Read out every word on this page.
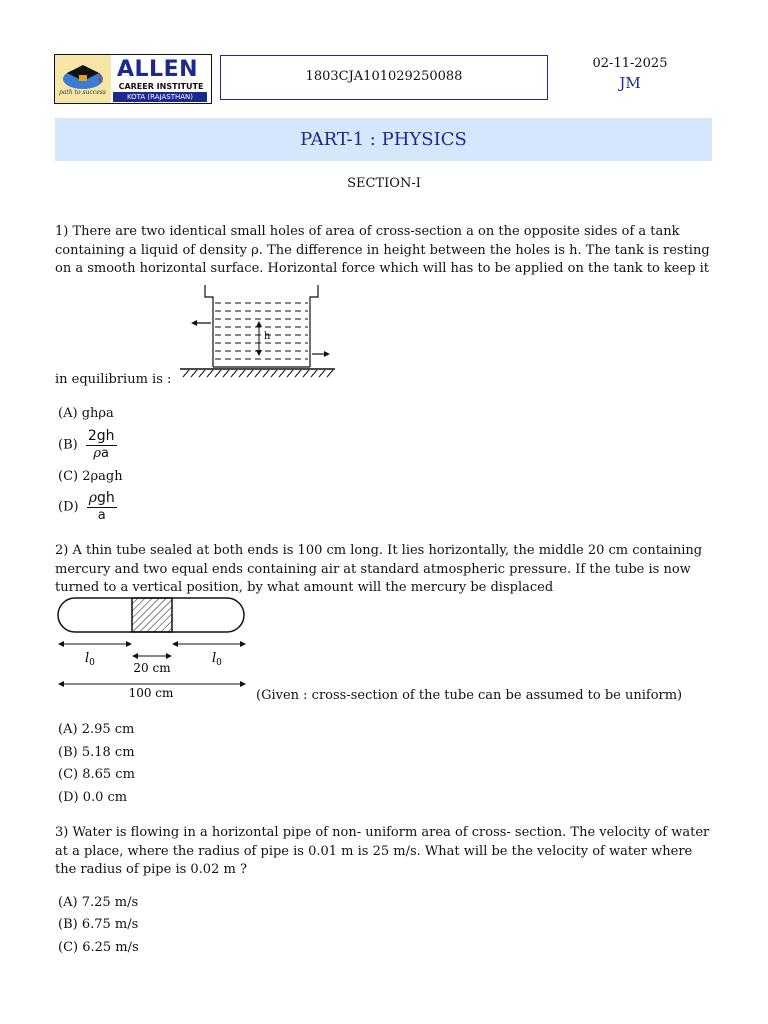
path to success
ALLEN
CAREER INSTITUTE
KOTA (RAJASTHAN)
1803CJA101029250088
02-11-2025
JM
PART-1 : PHYSICS
SECTION-I
1) There are two identical small holes of area of cross-section a on the opposite sides of a tank containing a liquid of density ρ. The difference in height between the holes is h. The tank is resting on a smooth horizontal surface. Horizontal force which will has to be applied on the tank to keep it
h
in equilibrium is :
(A) ghρa
$(B) \frac{2gh}{\rho a}$
(C) 2ρagh
$(D) \frac{\text{ρgh}}{a}$
2) A thin tube sealed at both ends is 100 cm long. It lies horizontally, the middle 20 cm containing mercury and two equal ends containing air at standard atmospheric pressure. If the tube is now turned to a vertical position, by what amount will the mercury be displaced
$l_0$	$l_0$
20 cm
100 cm	(Given : cross-section of the tube can be assumed to be uniform)
(A) 2.95 cm
(B) 5.18 cm
(C) 8.65 cm
(D) 0.0 cm
3) Water is flowing in a horizontal pipe of non- uniform area of cross- section. The velocity of water at a place, where the radius of pipe is 0.01 m is 25 m/s. What will be the velocity of water where the radius of pipe is 0.02 m ?
(A) 7.25 m/s
(B) 6.75 m/s
(C) 6.25 m/s
